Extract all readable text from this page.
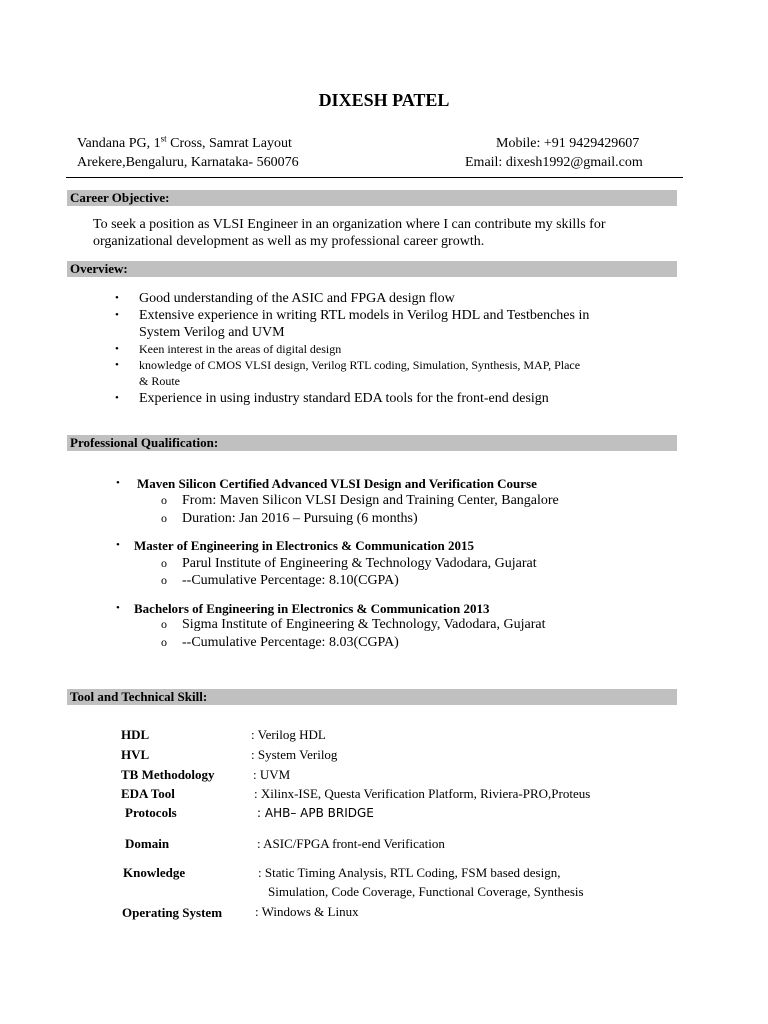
DIXESH PATEL
Vandana PG, 1st Cross, Samrat Layout
Arekere,Bengaluru, Karnataka- 560076
Mobile: +91 9429429607
Email: dixesh1992@gmail.com
Career Objective:
To seek a position as VLSI Engineer in an organization where I can contribute my skills for
organizational development as well as my professional career growth.
Overview:
• Good understanding of the ASIC and FPGA design flow
• Extensive experience in writing RTL models in Verilog HDL and Testbenches in
System Verilog and UVM
• Keen interest in the areas of digital design
• knowledge of CMOS VLSI design, Verilog RTL coding, Simulation, Synthesis, MAP, Place
& Route
• Experience in using industry standard EDA tools for the front-end design
Professional Qualification:
• Maven Silicon Certified Advanced VLSI Design and Verification Course
o From: Maven Silicon VLSI Design and Training Center, Bangalore
o Duration: Jan 2016 – Pursuing (6 months)
• Master of Engineering in Electronics & Communication 2015
o Parul Institute of Engineering & Technology Vadodara, Gujarat
o --Cumulative Percentage: 8.10(CGPA)
• Bachelors of Engineering in Electronics & Communication 2013
o Sigma Institute of Engineering & Technology, Vadodara, Gujarat
o --Cumulative Percentage: 8.03(CGPA)
Tool and Technical Skill:
HDL	: Verilog HDL
HVL	: System Verilog
TB Methodology	: UVM
EDA Tool	: Xilinx-ISE, Questa Verification Platform, Riviera-PRO,Proteus
Protocols	: AHB– APB BRIDGE
Domain	: ASIC/FPGA front-end Verification
Knowledge	: Static Timing Analysis, RTL Coding, FSM based design,
Simulation, Code Coverage, Functional Coverage, Synthesis
Operating System	: Windows & Linux
